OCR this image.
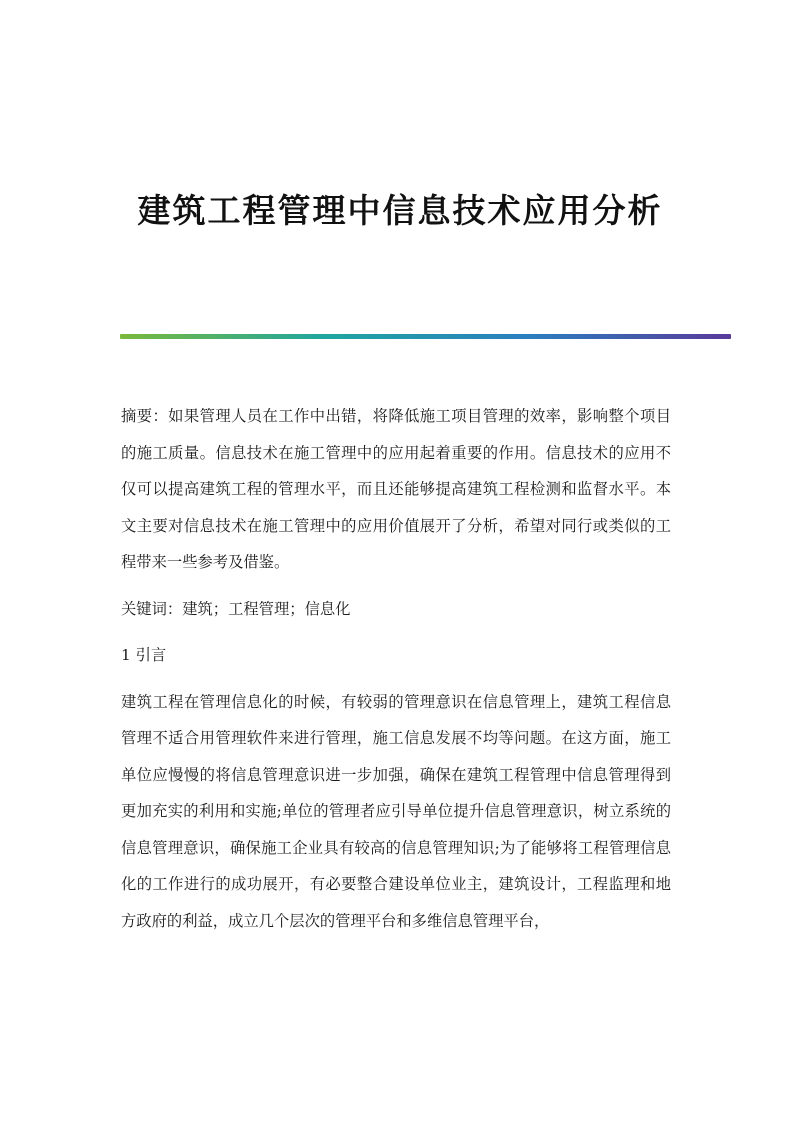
建筑工程管理中信息技术应用分析

摘要：如果管理人员在工作中出错，将降低施工项目管理的效率，影响整个项目的施工质量。信息技术在施工管理中的应用起着重要的作用。信息技术的应用不仅可以提高建筑工程的管理水平，而且还能够提高建筑工程检测和监督水平。本文主要对信息技术在施工管理中的应用价值展开了分析，希望对同行或类似的工程带来一些参考及借鉴。

关键词：建筑；工程管理；信息化

1 引言

建筑工程在管理信息化的时候，有较弱的管理意识在信息管理上，建筑工程信息管理不适合用管理软件来进行管理，施工信息发展不均等问题。在这方面，施工单位应慢慢的将信息管理意识进一步加强，确保在建筑工程管理中信息管理得到更加充实的利用和实施;单位的管理者应引导单位提升信息管理意识，树立系统的信息管理意识，确保施工企业具有较高的信息管理知识;为了能够将工程管理信息化的工作进行的成功展开，有必要整合建设单位业主，建筑设计，工程监理和地方政府的利益，成立几个层次的管理平台和多维信息管理平台，
